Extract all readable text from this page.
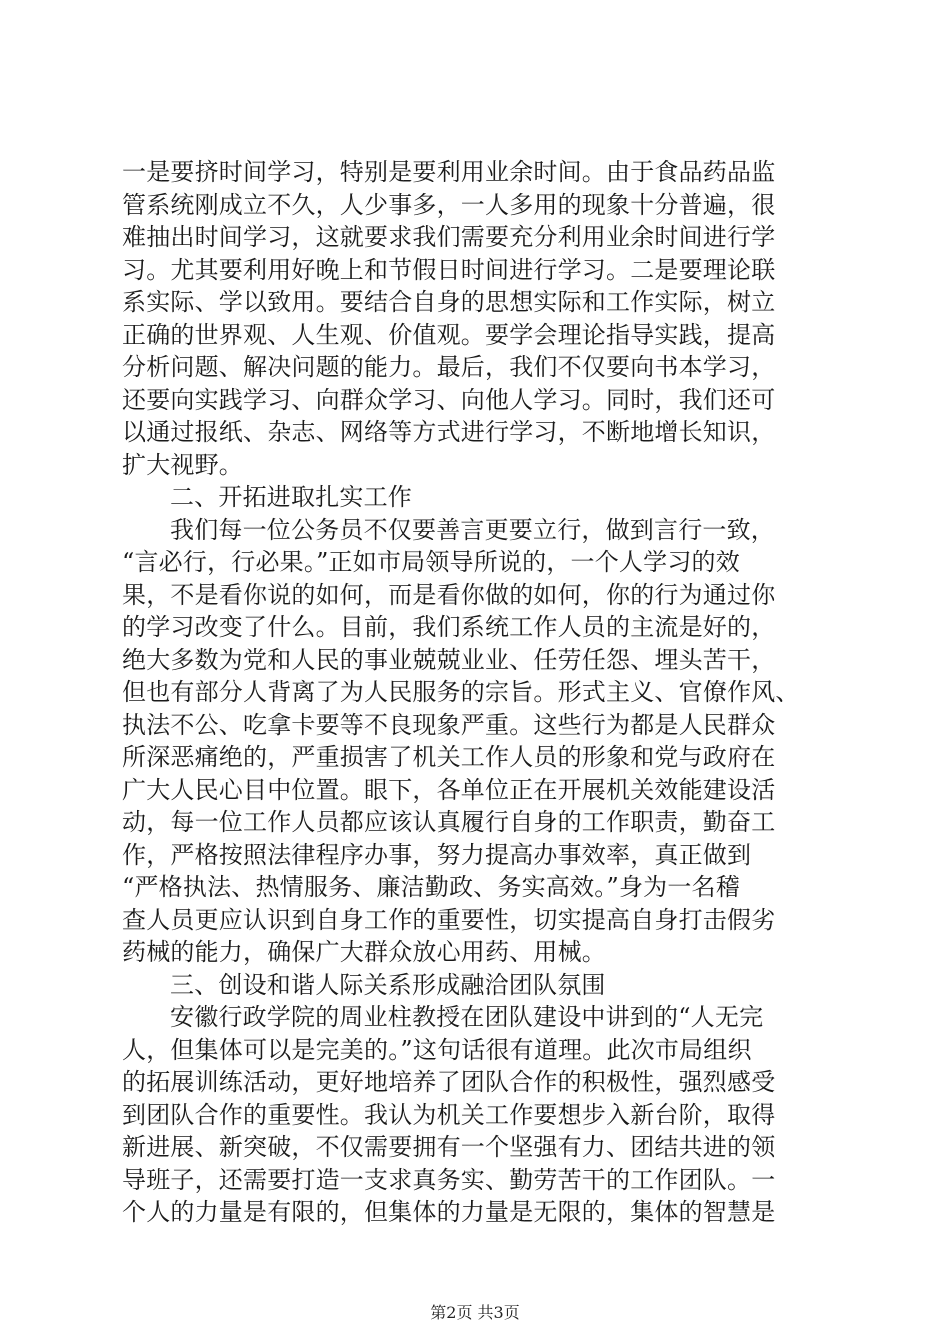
一是要挤时间学习，特别是要利用业余时间。由于食品药品监
管系统刚成立不久，人少事多，一人多用的现象十分普遍，很
难抽出时间学习，这就要求我们需要充分利用业余时间进行学
习。尤其要利用好晚上和节假日时间进行学习。二是要理论联
系实际、学以致用。要结合自身的思想实际和工作实际，树立
正确的世界观、人生观、价值观。要学会理论指导实践，提高
分析问题、解决问题的能力。最后，我们不仅要向书本学习，
还要向实践学习、向群众学习、向他人学习。同时，我们还可
以通过报纸、杂志、网络等方式进行学习，不断地增长知识，
扩大视野。
二、开拓进取扎实工作
我们每一位公务员不仅要善言更要立行，做到言行一致，
“言必行，行必果。”正如市局领导所说的，一个人学习的效
果，不是看你说的如何，而是看你做的如何，你的行为通过你
的学习改变了什么。目前，我们系统工作人员的主流是好的，
绝大多数为党和人民的事业兢兢业业、任劳任怨、埋头苦干，
但也有部分人背离了为人民服务的宗旨。形式主义、官僚作风、
执法不公、吃拿卡要等不良现象严重。这些行为都是人民群众
所深恶痛绝的，严重损害了机关工作人员的形象和党与政府在
广大人民心目中位置。眼下，各单位正在开展机关效能建设活
动，每一位工作人员都应该认真履行自身的工作职责，勤奋工
作，严格按照法律程序办事，努力提高办事效率，真正做到
“严格执法、热情服务、廉洁勤政、务实高效。”身为一名稽
查人员更应认识到自身工作的重要性，切实提高自身打击假劣
药械的能力，确保广大群众放心用药、用械。
三、创设和谐人际关系形成融洽团队氛围
安徽行政学院的周业柱教授在团队建设中讲到的“人无完
人，但集体可以是完美的。”这句话很有道理。此次市局组织
的拓展训练活动，更好地培养了团队合作的积极性，强烈感受
到团队合作的重要性。我认为机关工作要想步入新台阶，取得
新进展、新突破，不仅需要拥有一个坚强有力、团结共进的领
导班子，还需要打造一支求真务实、勤劳苦干的工作团队。一
个人的力量是有限的，但集体的力量是无限的，集体的智慧是
第2页 共3页
